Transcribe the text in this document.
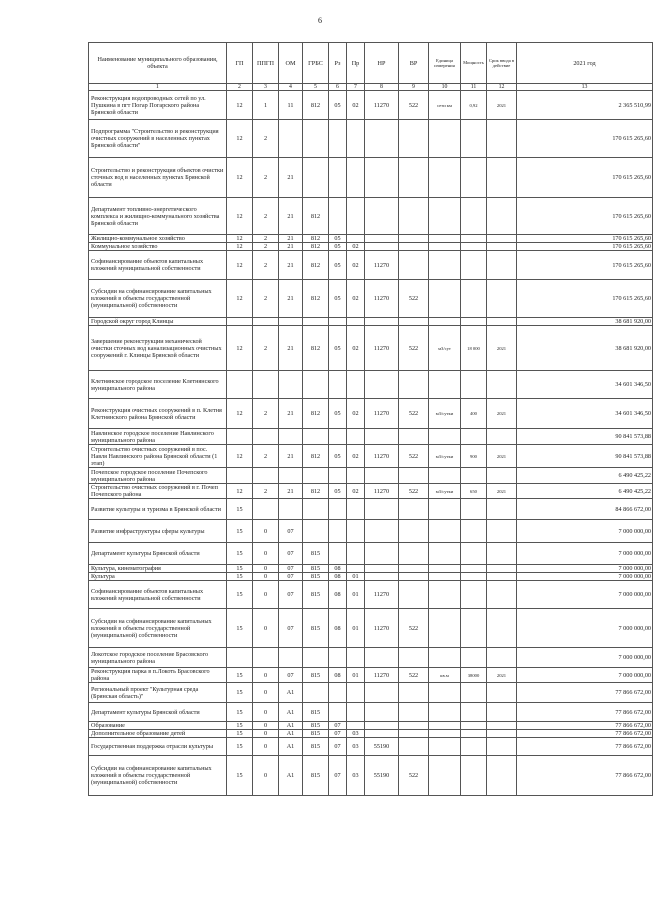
6
Наименование муниципального образования, объекта	ГП	ППГП	ОМ	ГРБС	Рз	Пр	НР	ВР	Единица измерения	Мощность	Срок ввода в действие	2021 год
1	2	3	4	5	6	7	8	9	10	11	12	13
Реконструкция водопроводных сетей по ул. Пушкина в пгт Погар Погарского района Брянской области	12	1	11	812	05	02	11270	522	сети км	0,92	2021	2 365 510,99
Подпрограмма "Строительство и реконструкция очистных сооружений в населенных пунктах Брянской области"	12	2										170 615 265,60
Строительство и реконструкция объектов очистки сточных вод в населенных пунктах Брянской области	12	2	21									170 615 265,60
Департамент топливно-энергетического комплекса и жилищно-коммунального хозяйства Брянской области	12	2	21	812								170 615 265,60
Жилищно-коммунальное хозяйство	12	2	21	812	05							170 615 265,60
Коммунальное хозяйство	12	2	21	812	05	02						170 615 265,60
Софинансирование объектов капитальных вложений муниципальной собственности	12	2	21	812	05	02	11270					170 615 265,60
Субсидии на софинансирование капитальных вложений в объекты государственной (муниципальной) собственности	12	2	21	812	05	02	11270	522				170 615 265,60
Городской округ город Клинцы												38 681 920,00
Завершение реконструкции механической очистки сточных вод канализационных очистных сооружений г. Клинцы Брянской области	12	2	21	812	05	02	11270	522	м3/сут	18 000	2021	38 681 920,00
Клетнянское городское поселение Клетнянского муниципального района												34 601 346,50
Реконструкция очистных сооружений в п. Клетня Клетнянского района Брянской области	12	2	21	812	05	02	11270	522	м3/сутки	400	2021	34 601 346,50
Навлинское городское поселение Навлинского муниципального района												90 841 573,88
Строительство очистных сооружений в пос. Навля Навлинского района Брянской области (1 этап)	12	2	21	812	05	02	11270	522	м3/сутки	900	2021	90 841 573,88
Почепское городское поселение Почепского муниципального района												6 490 425,22
Строительство очистных сооружений в г. Почеп Почепского района	12	2	21	812	05	02	11270	522	м3/сутки	650	2021	6 490 425,22
Развитие культуры и туризма в Брянской области	15											84 866 672,00
Развитие инфраструктуры сферы культуры	15	0	07									7 000 000,00
Департамент культуры Брянской области	15	0	07	815								7 000 000,00
Культура, кинематография	15	0	07	815	08							7 000 000,00
Культура	15	0	07	815	08	01						7 000 000,00
Софинансирование объектов капитальных вложений муниципальной собственности	15	0	07	815	08	01	11270					7 000 000,00
Субсидии на софинансирование капитальных вложений в объекты государственной (муниципальной) собственности	15	0	07	815	08	01	11270	522				7 000 000,00
Локотское городское поселение Брасовского муниципального района												7 000 000,00
Реконструкция парка в п.Локоть Брасовского района	15	0	07	815	08	01	11270	522	кв.м	38000	2021	7 000 000,00
Региональный проект "Культурная среда (Брянская область)"	15	0	A1									77 866 672,00
Департамент культуры Брянской области	15	0	A1	815								77 866 672,00
Образование	15	0	A1	815	07							77 866 672,00
Дополнительное образование детей	15	0	A1	815	07	03						77 866 672,00
Государственная поддержка отрасли культуры	15	0	A1	815	07	03	55190					77 866 672,00
Субсидии на софинансирование капитальных вложений в объекты государственной (муниципальной) собственности	15	0	A1	815	07	03	55190	522				77 866 672,00
